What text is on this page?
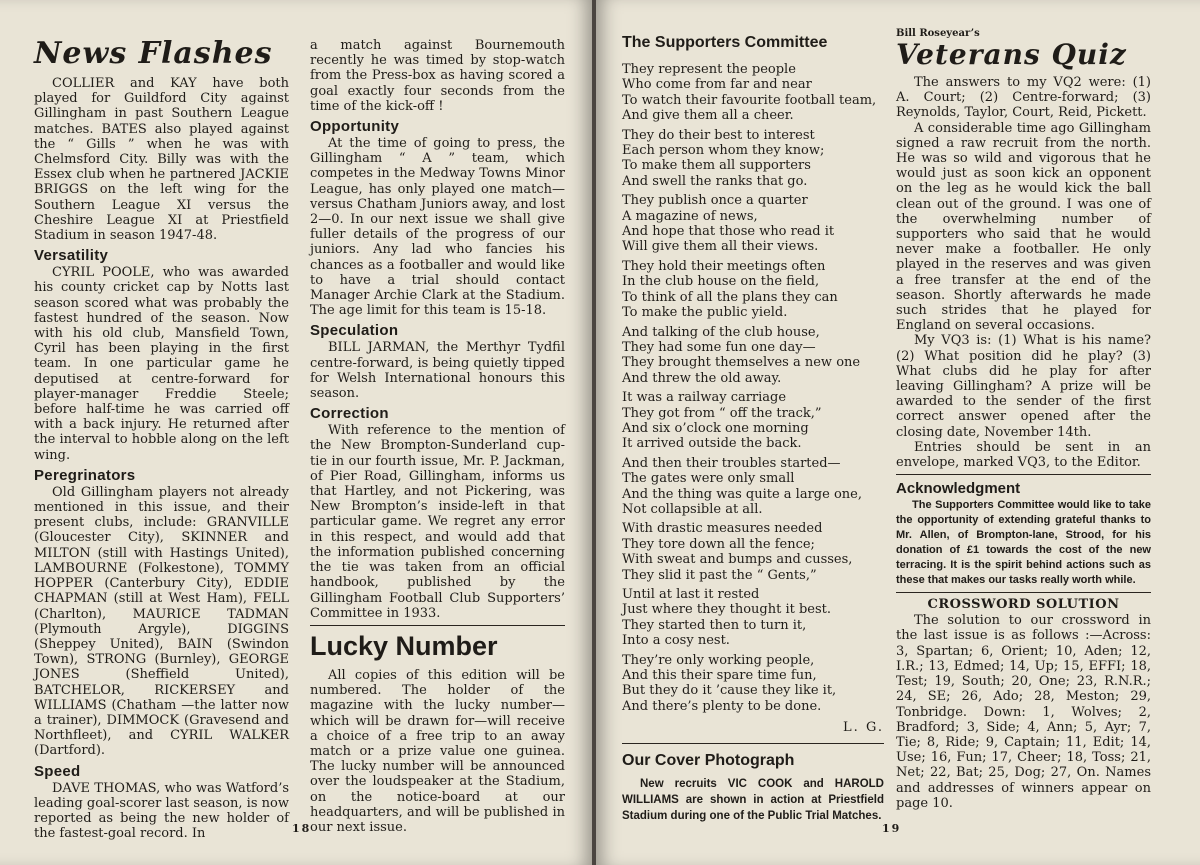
News Flashes

COLLIER and KAY have both played for Guildford City against Gillingham in past Southern League matches. BATES also played against the “ Gills ” when he was with Chelmsford City. Billy was with the Essex club when he partnered JACKIE BRIGGS on the left wing for the Southern League XI versus the Cheshire League XI at Priestfield Stadium in season 1947-48.

Versatility

CYRIL POOLE, who was awarded his county cricket cap by Notts last season scored what was probably the fastest hundred of the season. Now with his old club, Mansfield Town, Cyril has been playing in the first team. In one particular game he deputised at centre-forward for player-manager Freddie Steele; before half-time he was carried off with a back injury. He returned after the interval to hobble along on the left wing.

Peregrinators

Old Gillingham players not already mentioned in this issue, and their present clubs, include: GRANVILLE (Gloucester City), SKINNER and MILTON (still with Hastings United), LAMBOURNE (Folkestone), TOMMY HOPPER (Canterbury City), EDDIE CHAPMAN (still at West Ham), FELL (Charlton), MAURICE TADMAN (Plymouth Argyle), DIGGINS (Sheppey United), BAIN (Swindon Town), STRONG (Burnley), GEORGE JONES (Sheffield United), BATCHELOR, RICKERSEY and WILLIAMS (Chatham —the latter now a trainer), DIMMOCK (Gravesend and Northfleet), and CYRIL WALKER (Dartford).

Speed

DAVE THOMAS, who was Watford’s leading goal-scorer last season, is now reported as being the new holder of the fastest-goal record. In

a match against Bournemouth recently he was timed by stop-watch from the Press-box as having scored a goal exactly four seconds from the time of the kick-off !

Opportunity

At the time of going to press, the Gillingham “ A ” team, which competes in the Medway Towns Minor League, has only played one match—versus Chatham Juniors away, and lost 2—0. In our next issue we shall give fuller details of the progress of our juniors. Any lad who fancies his chances as a footballer and would like to have a trial should contact Manager Archie Clark at the Stadium. The age limit for this team is 15-18.

Speculation

BILL JARMAN, the Merthyr Tydfil centre-forward, is being quietly tipped for Welsh International honours this season.

Correction

With reference to the mention of the New Brompton-Sunderland cup-tie in our fourth issue, Mr. P. Jackman, of Pier Road, Gillingham, informs us that Hartley, and not Pickering, was New Brompton’s inside-left in that particular game. We regret any error in this respect, and would add that the information published concerning the tie was taken from an official handbook, published by the Gillingham Football Club Supporters’ Committee in 1933.

Lucky Number

All copies of this edition will be numbered. The holder of the magazine with the lucky number—which will be drawn for—will receive a choice of a free trip to an away match or a prize value one guinea. The lucky number will be announced over the loudspeaker at the Stadium, on the notice-board at our headquarters, and will be published in our next issue.

18
The Supporters Committee

They represent the people
Who come from far and near
To watch their favourite football team,
And give them all a cheer.

They do their best to interest
Each person whom they know;
To make them all supporters
And swell the ranks that go.

They publish once a quarter
A magazine of news,
And hope that those who read it
Will give them all their views.

They hold their meetings often
In the club house on the field,
To think of all the plans they can
To make the public yield.

And talking of the club house,
They had some fun one day—
They brought themselves a new one
And threw the old away.

It was a railway carriage
They got from “ off the track,”
And six o’clock one morning
It arrived outside the back.

And then their troubles started—
The gates were only small
And the thing was quite a large one,
Not collapsible at all.

With drastic measures needed
They tore down all the fence;
With sweat and bumps and cusses,
They slid it past the “ Gents,”

Until at last it rested
Just where they thought it best.
They started then to turn it,
Into a cosy nest.

They’re only working people,
And this their spare time fun,
But they do it ’cause they like it,
And there’s plenty to be done.

L. G.
Our Cover Photograph

New recruits VIC COOK and HAROLD WILLIAMS are shown in action at Priestfield Stadium during one of the Public Trial Matches.

Bill Roseyear’s
Veterans Quiz

The answers to my VQ2 were: (1) A. Court; (2) Centre-forward; (3) Reynolds, Taylor, Court, Reid, Pickett.

A considerable time ago Gillingham signed a raw recruit from the north. He was so wild and vigorous that he would just as soon kick an opponent on the leg as he would kick the ball clean out of the ground. I was one of the overwhelming number of supporters who said that he would never make a footballer. He only played in the reserves and was given a free transfer at the end of the season. Shortly afterwards he made such strides that he played for England on several occasions.

My VQ3 is: (1) What is his name? (2) What position did he play? (3) What clubs did he play for after leaving Gillingham? A prize will be awarded to the sender of the first correct answer opened after the closing date, November 14th.

Entries should be sent in an envelope, marked VQ3, to the Editor.

Acknowledgment

The Supporters Committee would like to take the opportunity of extending grateful thanks to Mr. Allen, of Brompton-lane, Strood, for his donation of £1 towards the cost of the new terracing. It is the spirit behind actions such as these that makes our tasks really worth while.

CROSSWORD SOLUTION

The solution to our crossword in the last issue is as follows :—Across: 3, Spartan; 6, Orient; 10, Aden; 12, I.R.; 13, Edmed; 14, Up; 15, EFFI; 18, Test; 19, South; 20, One; 23, R.N.R.; 24, SE; 26, Ado; 28, Meston; 29, Tonbridge. Down: 1, Wolves; 2, Bradford; 3, Side; 4, Ann; 5, Ayr; 7, Tie; 8, Ride; 9, Captain; 11, Edit; 14, Use; 16, Fun; 17, Cheer; 18, Toss; 21, Net; 22, Bat; 25, Dog; 27, On. Names and addresses of winners appear on page 10.

19
